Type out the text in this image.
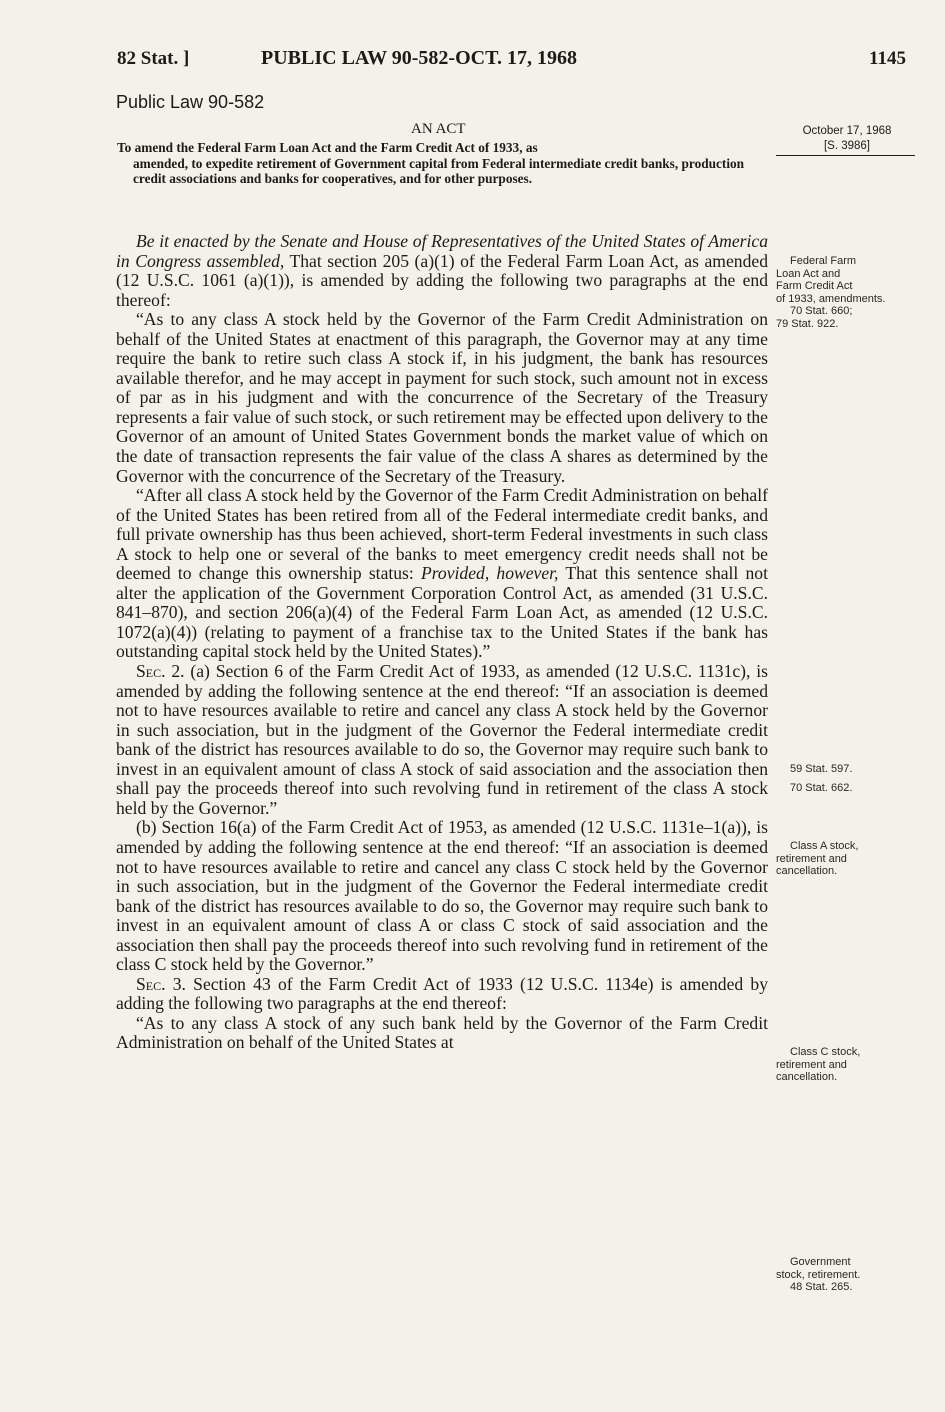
82 Stat. ]	PUBLIC LAW 90-582-OCT. 17, 1968	1145
Public Law 90-582
AN ACT
To amend the Federal Farm Loan Act and the Farm Credit Act of 1933, as
amended, to expedite retirement of Government capital from Federal intermediate credit banks, production credit associations and banks for cooperatives, and for other purposes.
October 17, 1968
[S. 3986]

Be it enacted by the Senate and House of Representatives of the United States of America in Congress assembled, That section 205 (a)(1) of the Federal Farm Loan Act, as amended (12 U.S.C. 1061 (a)(1)), is amended by adding the following two paragraphs at the end thereof:

“As to any class A stock held by the Governor of the Farm Credit Administration on behalf of the United States at enactment of this paragraph, the Governor may at any time require the bank to retire such class A stock if, in his judgment, the bank has resources available therefor, and he may accept in payment for such stock, such amount not in excess of par as in his judgment and with the concurrence of the Secretary of the Treasury represents a fair value of such stock, or such retirement may be effected upon delivery to the Governor of an amount of United States Government bonds the market value of which on the date of transaction represents the fair value of the class A shares as determined by the Governor with the concurrence of the Secretary of the Treasury.

“After all class A stock held by the Governor of the Farm Credit Administration on behalf of the United States has been retired from all of the Federal intermediate credit banks, and full private ownership has thus been achieved, short-term Federal investments in such class A stock to help one or several of the banks to meet emergency credit needs shall not be deemed to change this ownership status: Provided, however, That this sentence shall not alter the application of the Government Corporation Control Act, as amended (31 U.S.C. 841–870), and section 206(a)(4) of the Federal Farm Loan Act, as amended (12 U.S.C. 1072(a)(4)) (relating to payment of a franchise tax to the United States if the bank has outstanding capital stock held by the United States).”

Sec. 2. (a) Section 6 of the Farm Credit Act of 1933, as amended (12 U.S.C. 1131c), is amended by adding the following sentence at the end thereof: “If an association is deemed not to have resources available to retire and cancel any class A stock held by the Governor in such association, but in the judgment of the Governor the Federal intermediate credit bank of the district has resources available to do so, the Governor may require such bank to invest in an equivalent amount of class A stock of said association and the association then shall pay the proceeds thereof into such revolving fund in retirement of the class A stock held by the Governor.”

(b) Section 16(a) of the Farm Credit Act of 1953, as amended (12 U.S.C. 1131e–1(a)), is amended by adding the following sentence at the end thereof: “If an association is deemed not to have resources available to retire and cancel any class C stock held by the Governor in such association, but in the judgment of the Governor the Federal intermediate credit bank of the district has resources available to do so, the Governor may require such bank to invest in an equivalent amount of class A or class C stock of said association and the association then shall pay the proceeds thereof into such revolving fund in retirement of the class C stock held by the Governor.”

Sec. 3. Section 43 of the Farm Credit Act of 1933 (12 U.S.C. 1134e) is amended by adding the following two paragraphs at the end thereof:

“As to any class A stock of any such bank held by the Governor of the Farm Credit Administration on behalf of the United States at

Federal Farm
Loan Act and
Farm Credit Act
of 1933, amendments.
70 Stat. 660;
79 Stat. 922.
59 Stat. 597.
70 Stat. 662.
Class A stock,
retirement and
cancellation.
Class C stock,
retirement and
cancellation.
Government
stock, retirement.
48 Stat. 265.
